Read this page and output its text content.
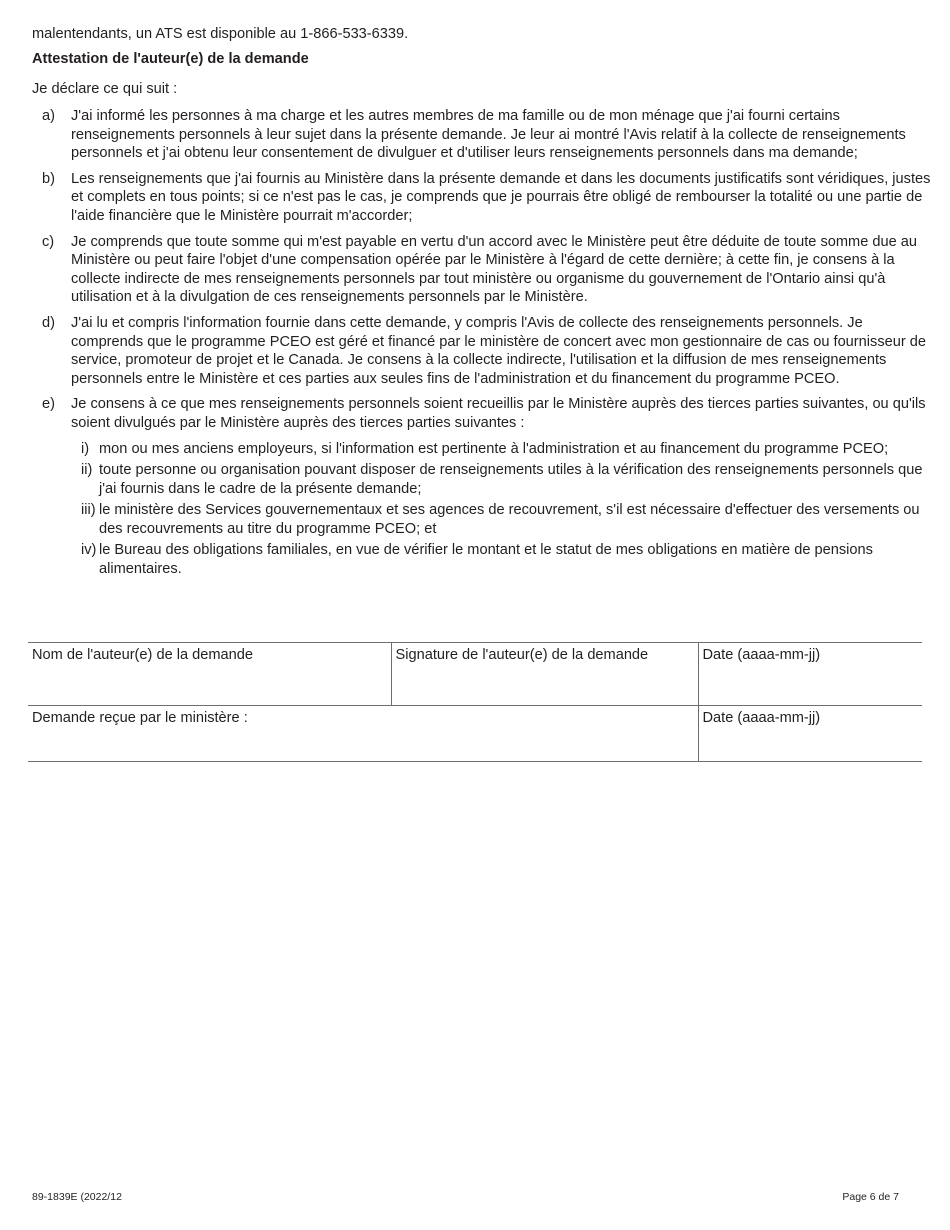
malentendants, un ATS est disponible au 1-866-533-6339.
Attestation de l'auteur(e) de la demande
Je déclare ce qui suit :
a)	J'ai informé les personnes à ma charge et les autres membres de ma famille ou de mon ménage que j'ai fourni certains renseignements personnels à leur sujet dans la présente demande. Je leur ai montré l'Avis relatif à la collecte de renseignements personnels et j'ai obtenu leur consentement de divulguer et d'utiliser leurs renseignements personnels dans ma demande;
b)	Les renseignements que j'ai fournis au Ministère dans la présente demande et dans les documents justificatifs sont véridiques, justes et complets en tous points; si ce n'est pas le cas, je comprends que je pourrais être obligé de rembourser la totalité ou une partie de l'aide financière que le Ministère pourrait m'accorder;
c)	Je comprends que toute somme qui m'est payable en vertu d'un accord avec le Ministère peut être déduite de toute somme due au Ministère ou peut faire l'objet d'une compensation opérée par le Ministère à l'égard de cette dernière; à cette fin, je consens à la collecte indirecte de mes renseignements personnels par tout ministère ou organisme du gouvernement de l'Ontario ainsi qu'à utilisation et à la divulgation de ces renseignements personnels par le Ministère.
d)	J'ai lu et compris l'information fournie dans cette demande, y compris l'Avis de collecte des renseignements personnels. Je comprends que le programme PCEO est géré et financé par le ministère de concert avec mon gestionnaire de cas ou fournisseur de service, promoteur de projet et le Canada. Je consens à la collecte indirecte, l'utilisation et la diffusion de mes renseignements personnels entre le Ministère et ces parties aux seules fins de l'administration et du financement du programme PCEO.
e)	Je consens à ce que mes renseignements personnels soient recueillis par le Ministère auprès des tierces parties suivantes, ou qu'ils soient divulgués par le Ministère auprès des tierces parties suivantes :
i) mon ou mes anciens employeurs, si l'information est pertinente à l'administration et au financement du programme PCEO;
ii) toute personne ou organisation pouvant disposer de renseignements utiles à la vérification des renseignements personnels que j'ai fournis dans le cadre de la présente demande;
iii) le ministère des Services gouvernementaux et ses agences de recouvrement, s'il est nécessaire d'effectuer des versements ou des recouvrements au titre du programme PCEO; et
iv) le Bureau des obligations familiales, en vue de vérifier le montant et le statut de mes obligations en matière de pensions alimentaires.
Nom de l'auteur(e) de la demande	Signature de l'auteur(e) de la demande	Date (aaaa-mm-jj)
Demande reçue par le ministère :		Date (aaaa-mm-jj)
89-1839E (2022/12	Page 6 de 7
